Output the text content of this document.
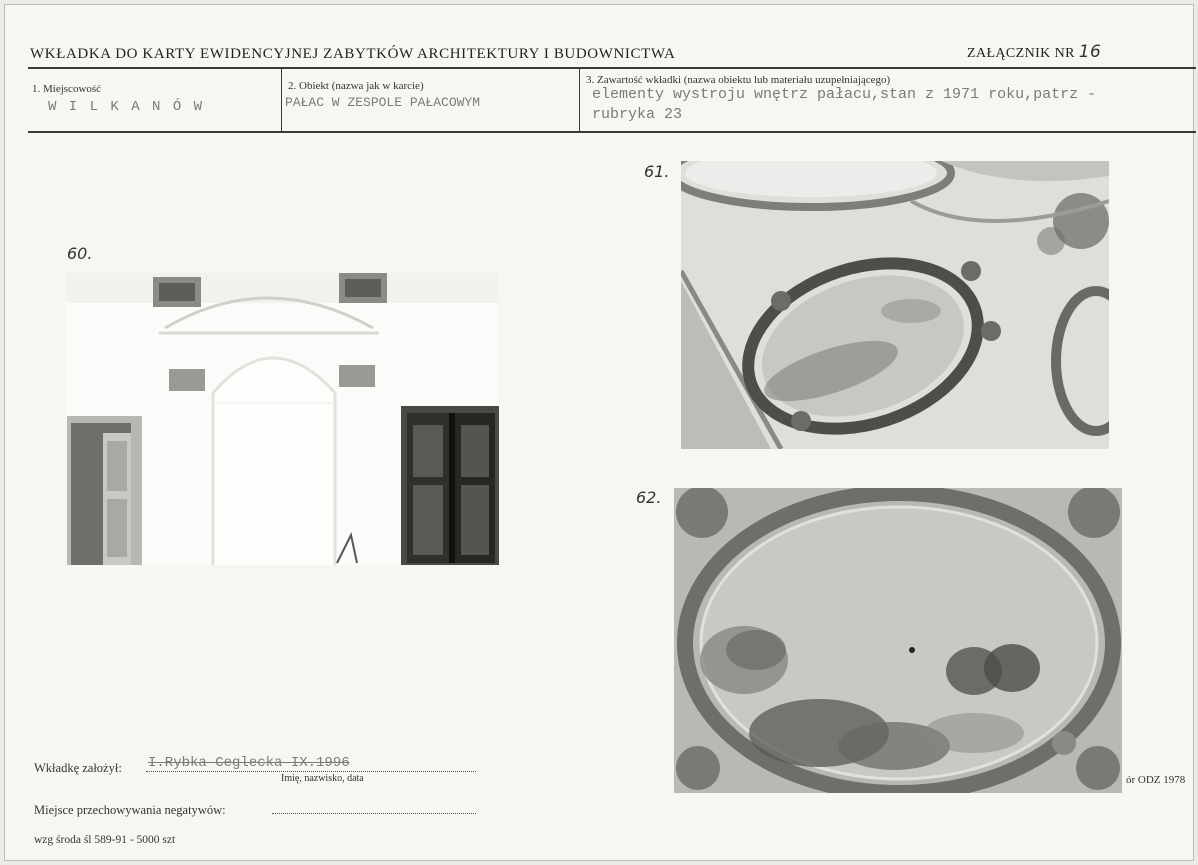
WKŁADKA DO KARTY EWIDENCYJNEJ ZABYTKÓW ARCHITEKTURY I BUDOWNICTWA	ZAŁĄCZNIK NR 16
1. Miejscowość
W I L K A N Ó W
2. Obiekt (nazwa jak w karcie)
PAŁAC W ZESPOLE PAŁACOWYM
3. Zawartość wkładki (nazwa obiektu lub materiału uzupełniającego)
elementy wystroju wnętrz pałacu,stan z 1971 roku,patrz -
rubryka 23
60.
61.
62.
Wkładkę założył: I.Rybka-Ceglecka IX.1996
Imię, nazwisko, data
Miejsce przechowywania negatywów:
wzg środa śl 589-91 - 5000 szt
ór ODZ 1978
